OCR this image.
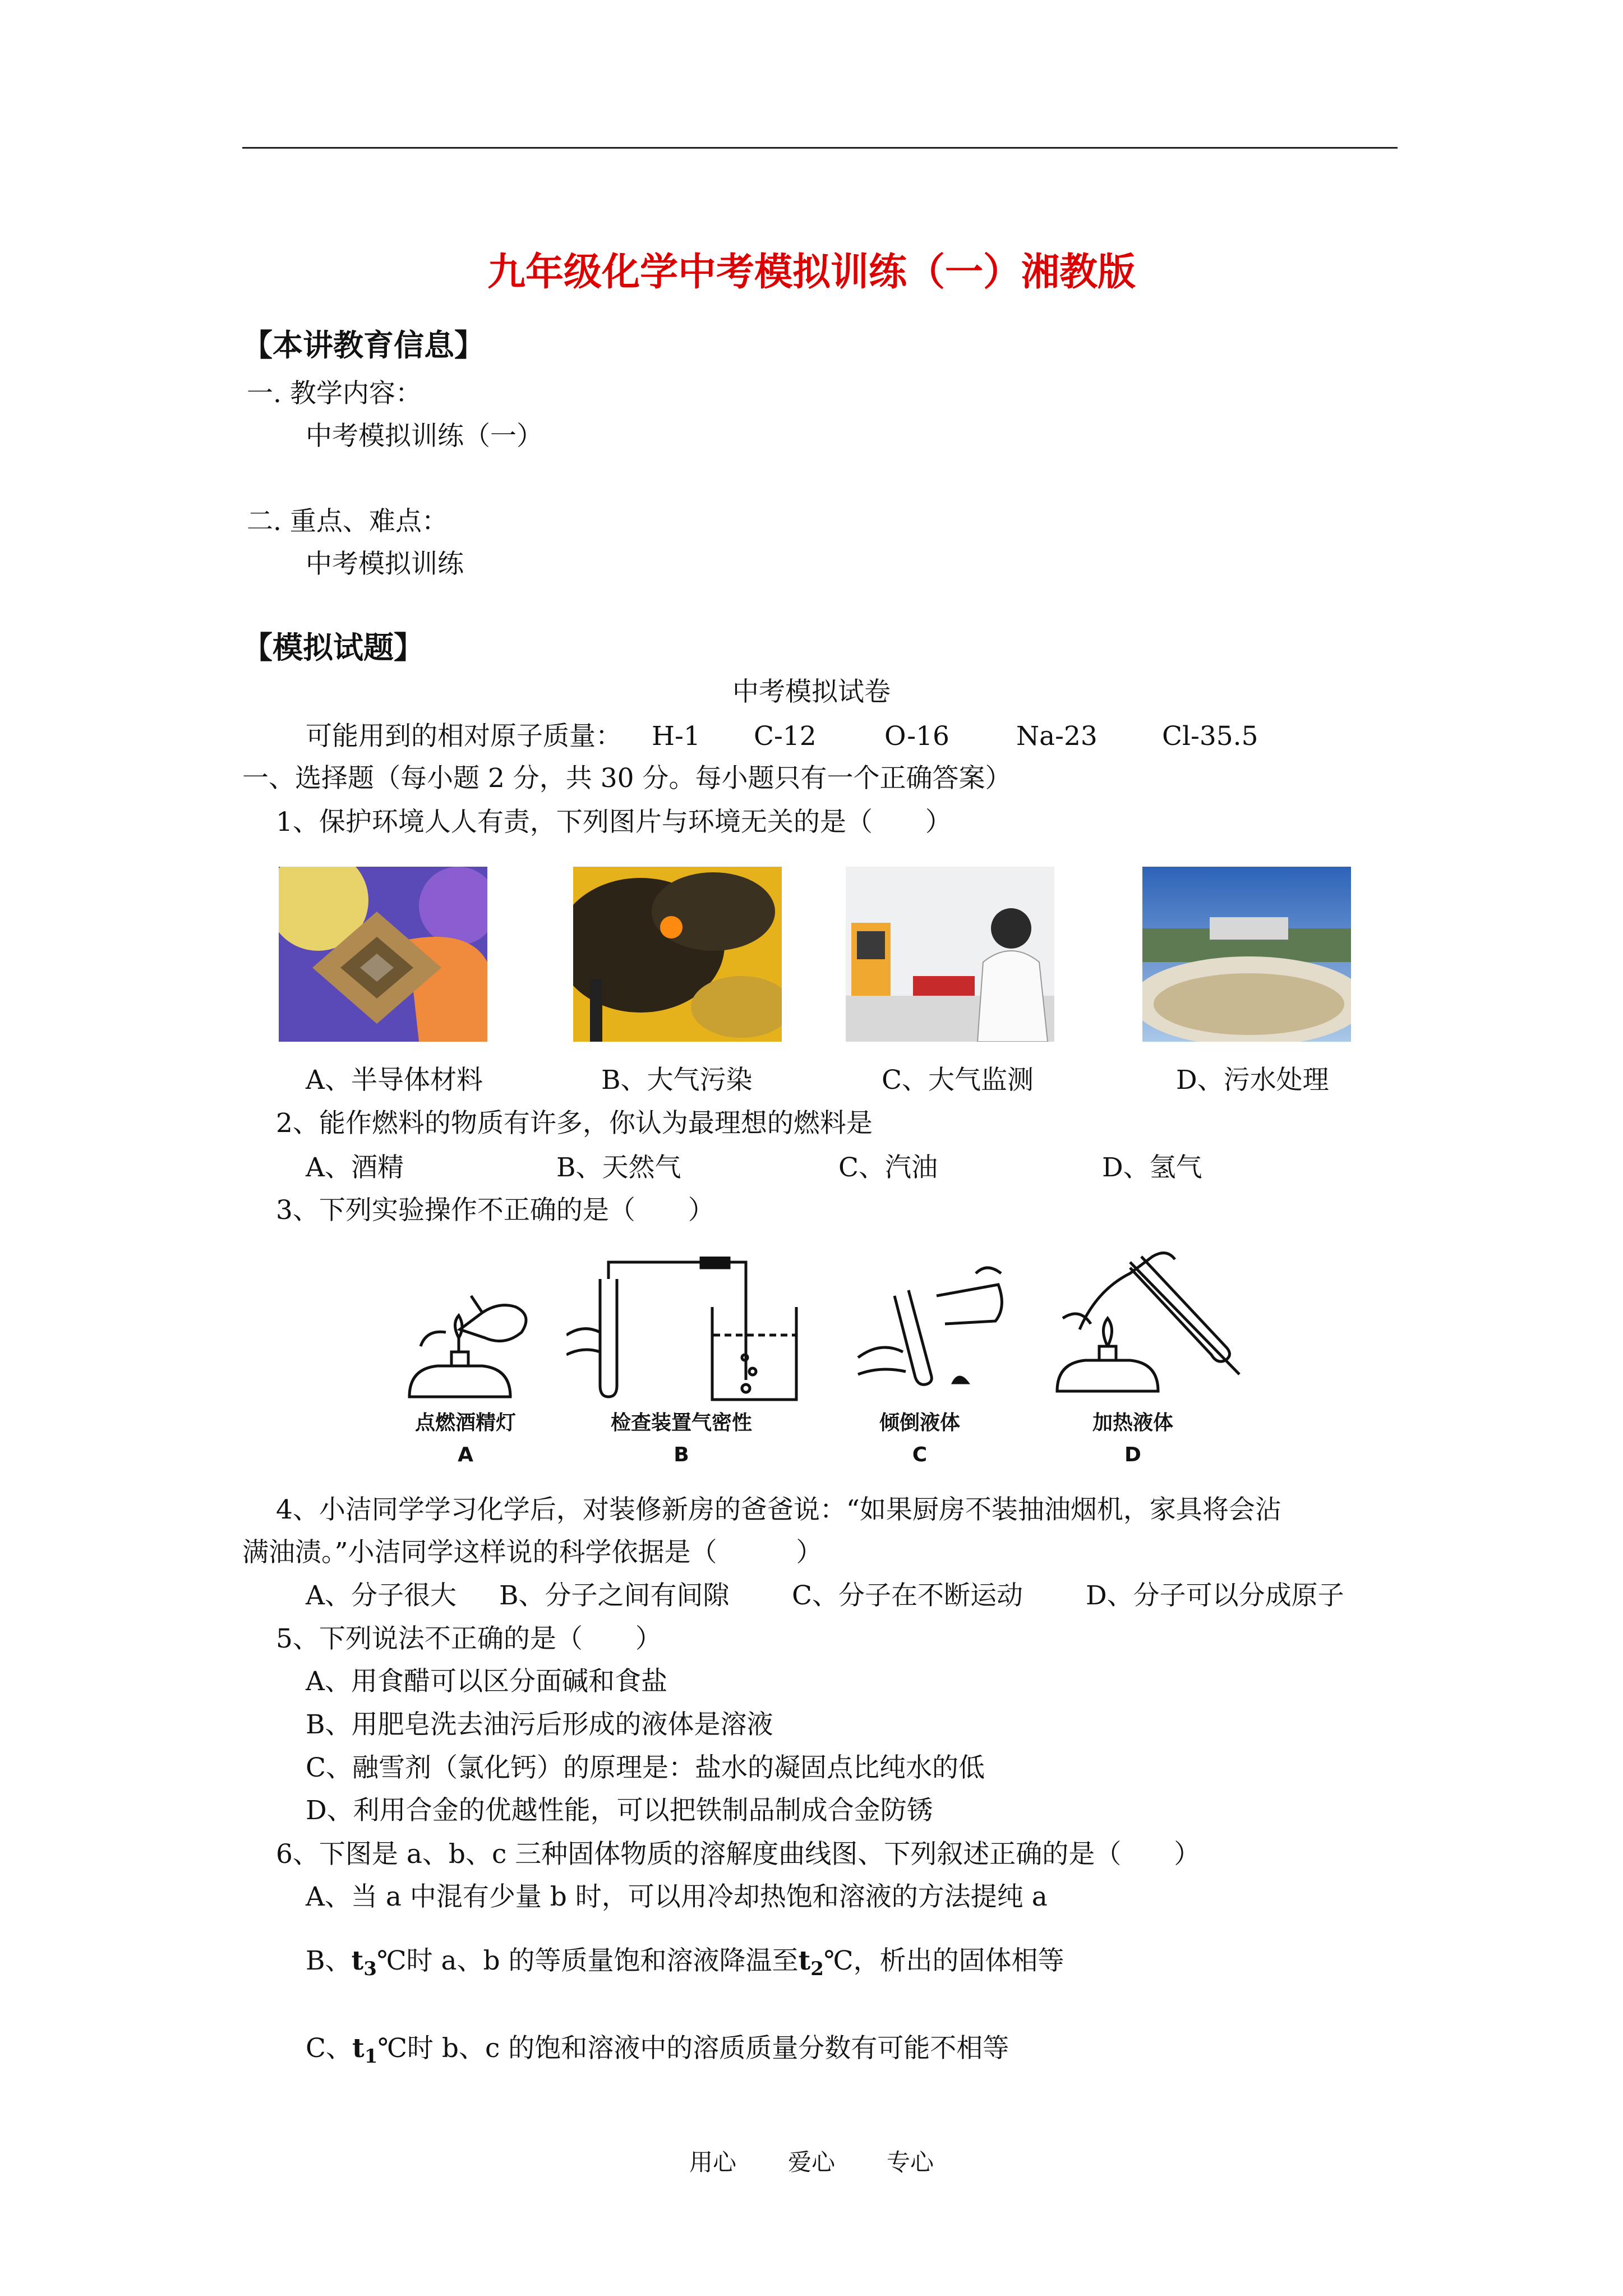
九年级化学中考模拟训练（一）湘教版
【本讲教育信息】
一. 教学内容：
中考模拟训练（一）
二. 重点、难点：
中考模拟训练
【模拟试题】
中考模拟试卷
可能用到的相对原子质量： H-1 C-12	O-16	Na-23 Cl-35.5
一、选择题（每小题 2 分，共 30 分。每小题只有一个正确答案）
1、保护环境人人有责，下列图片与环境无关的是（　　）
A、半导体材料	B、大气污染	C、大气监测	D、污水处理
2、能作燃料的物质有许多，你认为最理想的燃料是
A、酒精	B、天然气	C、汽油	D、氢气
3、下列实验操作不正确的是（　　）
点燃酒精灯	检查装置气密性	倾倒液体	加热液体
A	B	C	D
4、小洁同学学习化学后，对装修新房的爸爸说：“如果厨房不装抽油烟机，家具将会沾
满油渍。”小洁同学这样说的科学依据是（　　　）
A、分子很大 B、分子之间有间隙 C、分子在不断运动 D、分子可以分成原子
5、下列说法不正确的是（　　）
A、用食醋可以区分面碱和食盐
B、用肥皂洗去油污后形成的液体是溶液
C、融雪剂（氯化钙）的原理是：盐水的凝固点比纯水的低
D、利用合金的优越性能，可以把铁制品制成合金防锈
6、下图是 a、b、c 三种固体物质的溶解度曲线图、下列叙述正确的是（　　）
A、当 a 中混有少量 b 时，可以用冷却热饱和溶液的方法提纯 a
B、$t_3℃$时 a、b 的等质量饱和溶液降温至$t_2℃$，析出的固体相等
C、$t_1℃$时 b、c 的饱和溶液中的溶质质量分数有可能不相等
用心 爱心 专心
